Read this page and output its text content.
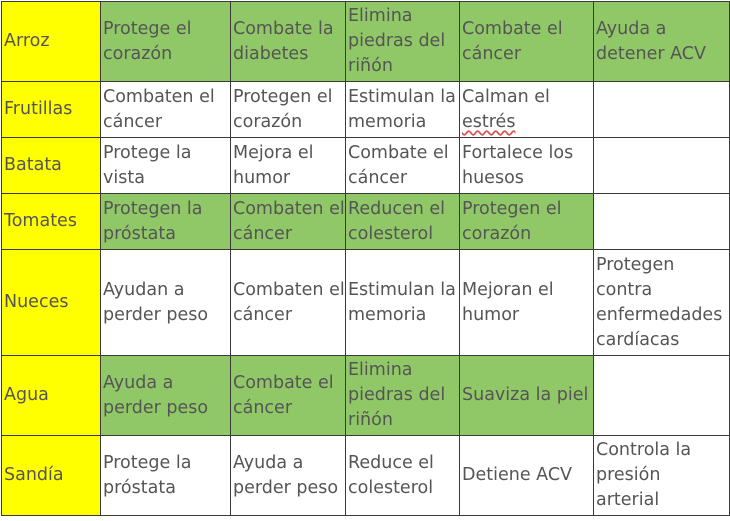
Arroz	Protege el corazón	Combate la diabetes	Elimina piedras del riñón	Combate el cáncer	Ayuda a detener ACV
Frutillas	Combaten el cáncer	Protegen el corazón	Estimulan la memoria	Calman el estrés	
Batata	Protege la vista	Mejora el humor	Combate el cáncer	Fortalece los huesos	
Tomates	Protegen la próstata	Combaten el cáncer	Reducen el colesterol	Protegen el corazón	
Nueces	Ayudan a perder peso	Combaten el cáncer	Estimulan la memoria	Mejoran el humor	Protegen contra enfermedades cardíacas
Agua	Ayuda a perder peso	Combate el cáncer	Elimina piedras del riñón	Suaviza la piel	
Sandía	Protege la próstata	Ayuda a perder peso	Reduce el colesterol	Detiene ACV	Controla la presión arterial
